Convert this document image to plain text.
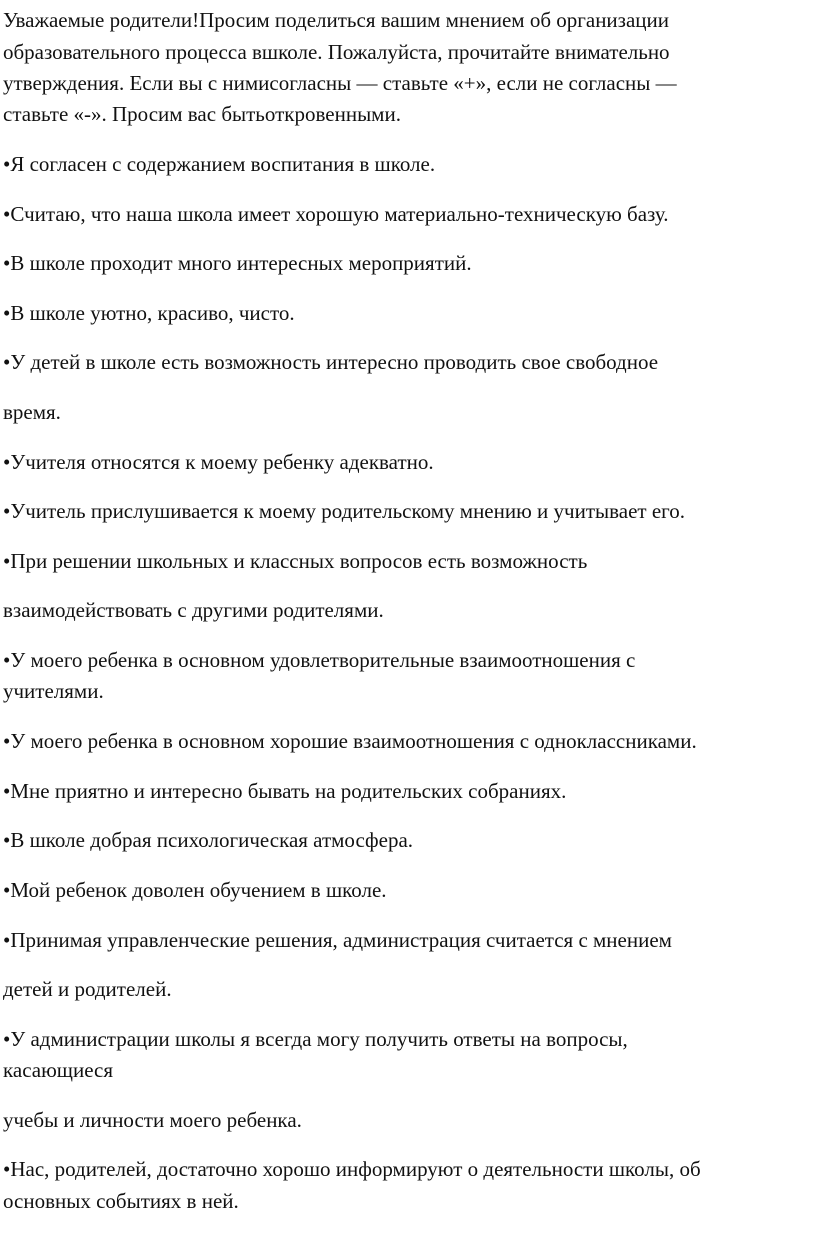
Уважаемые родители!Просим поделиться вашим мнением об организации
образовательного процесса вшколе. Пожалуйста, прочитайте внимательно
утверждения. Если вы с нимисогласны — ставьте «+», если не согласны —
ставьте «-». Просим вас бытьоткровенными.
•Я согласен с содержанием воспитания в школе.
•Считаю, что наша школа имеет хорошую материально-техническую базу.
•В школе проходит много интересных мероприятий.
•В школе уютно, красиво, чисто.
•У детей в школе есть возможность интересно проводить свое свободное
время.
•Учителя относятся к моему ребенку адекватно.
•Учитель прислушивается к моему родительскому мнению и учитывает его.
•При решении школьных и классных вопросов есть возможность
взаимодействовать с другими родителями.
•У моего ребенка в основном удовлетворительные взаимоотношения с
учителями.
•У моего ребенка в основном хорошие взаимоотношения с одноклассниками.
•Мне приятно и интересно бывать на родительских собраниях.
•В школе добрая психологическая атмосфера.
•Мой ребенок доволен обучением в школе.
•Принимая управленческие решения, администрация считается с мнением
детей и родителей.
•У администрации школы я всегда могу получить ответы на вопросы,
касающиеся
учебы и личности моего ребенка.
•Нас, родителей, достаточно хорошо информируют о деятельности школы, об
основных событиях в ней.
